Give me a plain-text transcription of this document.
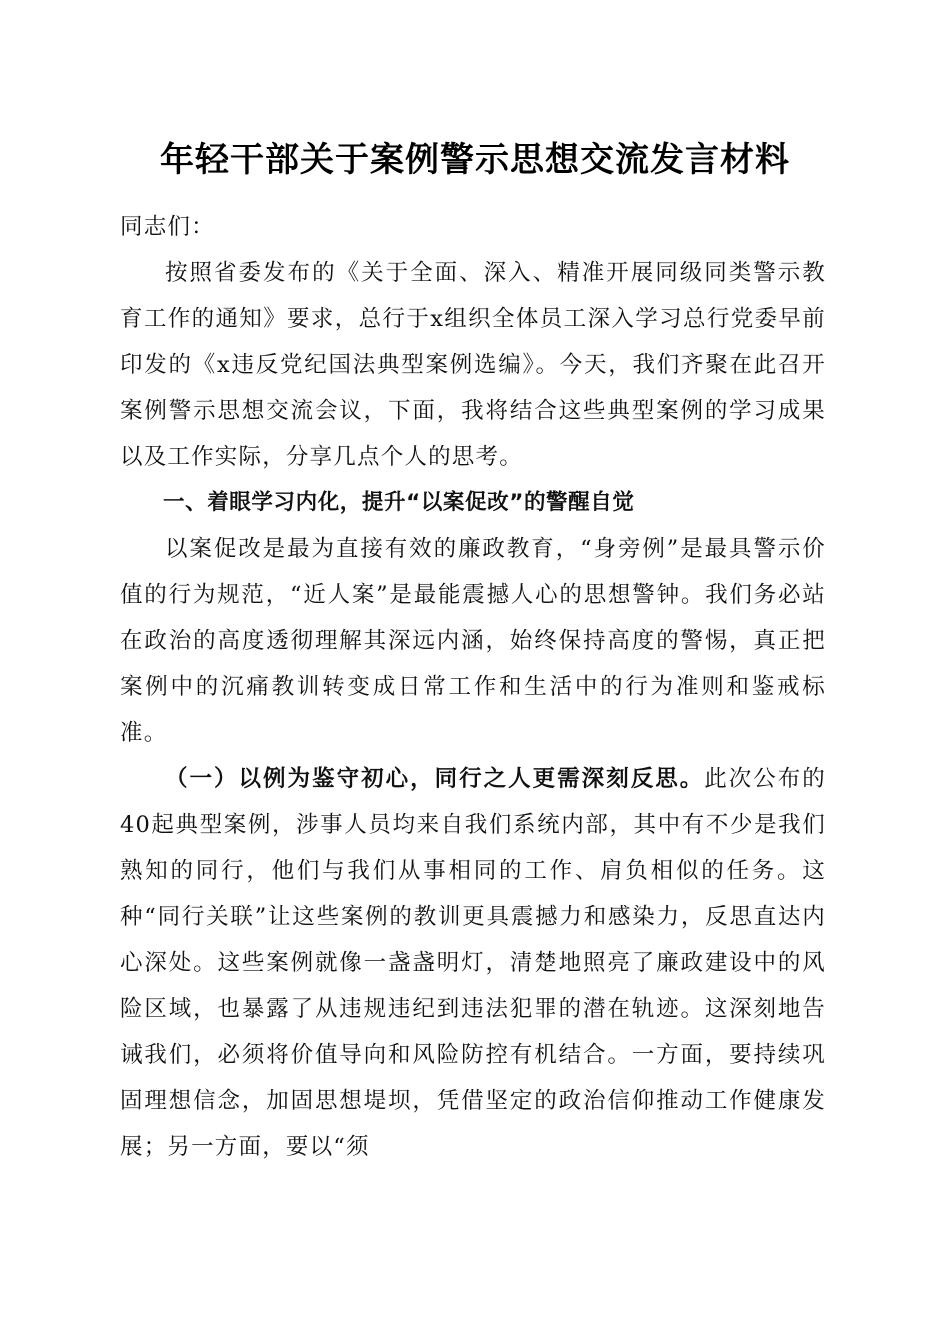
年轻干部关于案例警示思想交流发言材料

同志们：

按照省委发布的《关于全面、深入、精准开展同级同类警示教育工作的通知》要求，总行于x组织全体员工深入学习总行党委早前印发的《x违反党纪国法典型案例选编》。今天，我们齐聚在此召开案例警示思想交流会议，下面，我将结合这些典型案例的学习成果以及工作实际，分享几点个人的思考。

一、着眼学习内化，提升“以案促改”的警醒自觉

以案促改是最为直接有效的廉政教育，“身旁例”是最具警示价值的行为规范，“近人案”是最能震撼人心的思想警钟。我们务必站在政治的高度透彻理解其深远内涵，始终保持高度的警惕，真正把案例中的沉痛教训转变成日常工作和生活中的行为准则和鉴戒标准。

（一）以例为鉴守初心，同行之人更需深刻反思。此次公布的40起典型案例，涉事人员均来自我们系统内部，其中有不少是我们熟知的同行，他们与我们从事相同的工作、肩负相似的任务。这种“同行关联”让这些案例的教训更具震撼力和感染力，反思直达内心深处。这些案例就像一盏盏明灯，清楚地照亮了廉政建设中的风险区域，也暴露了从违规违纪到违法犯罪的潜在轨迹。这深刻地告诫我们，必须将价值导向和风险防控有机结合。一方面，要持续巩固理想信念，加固思想堤坝，凭借坚定的政治信仰推动工作健康发展；另一方面，要以“须
